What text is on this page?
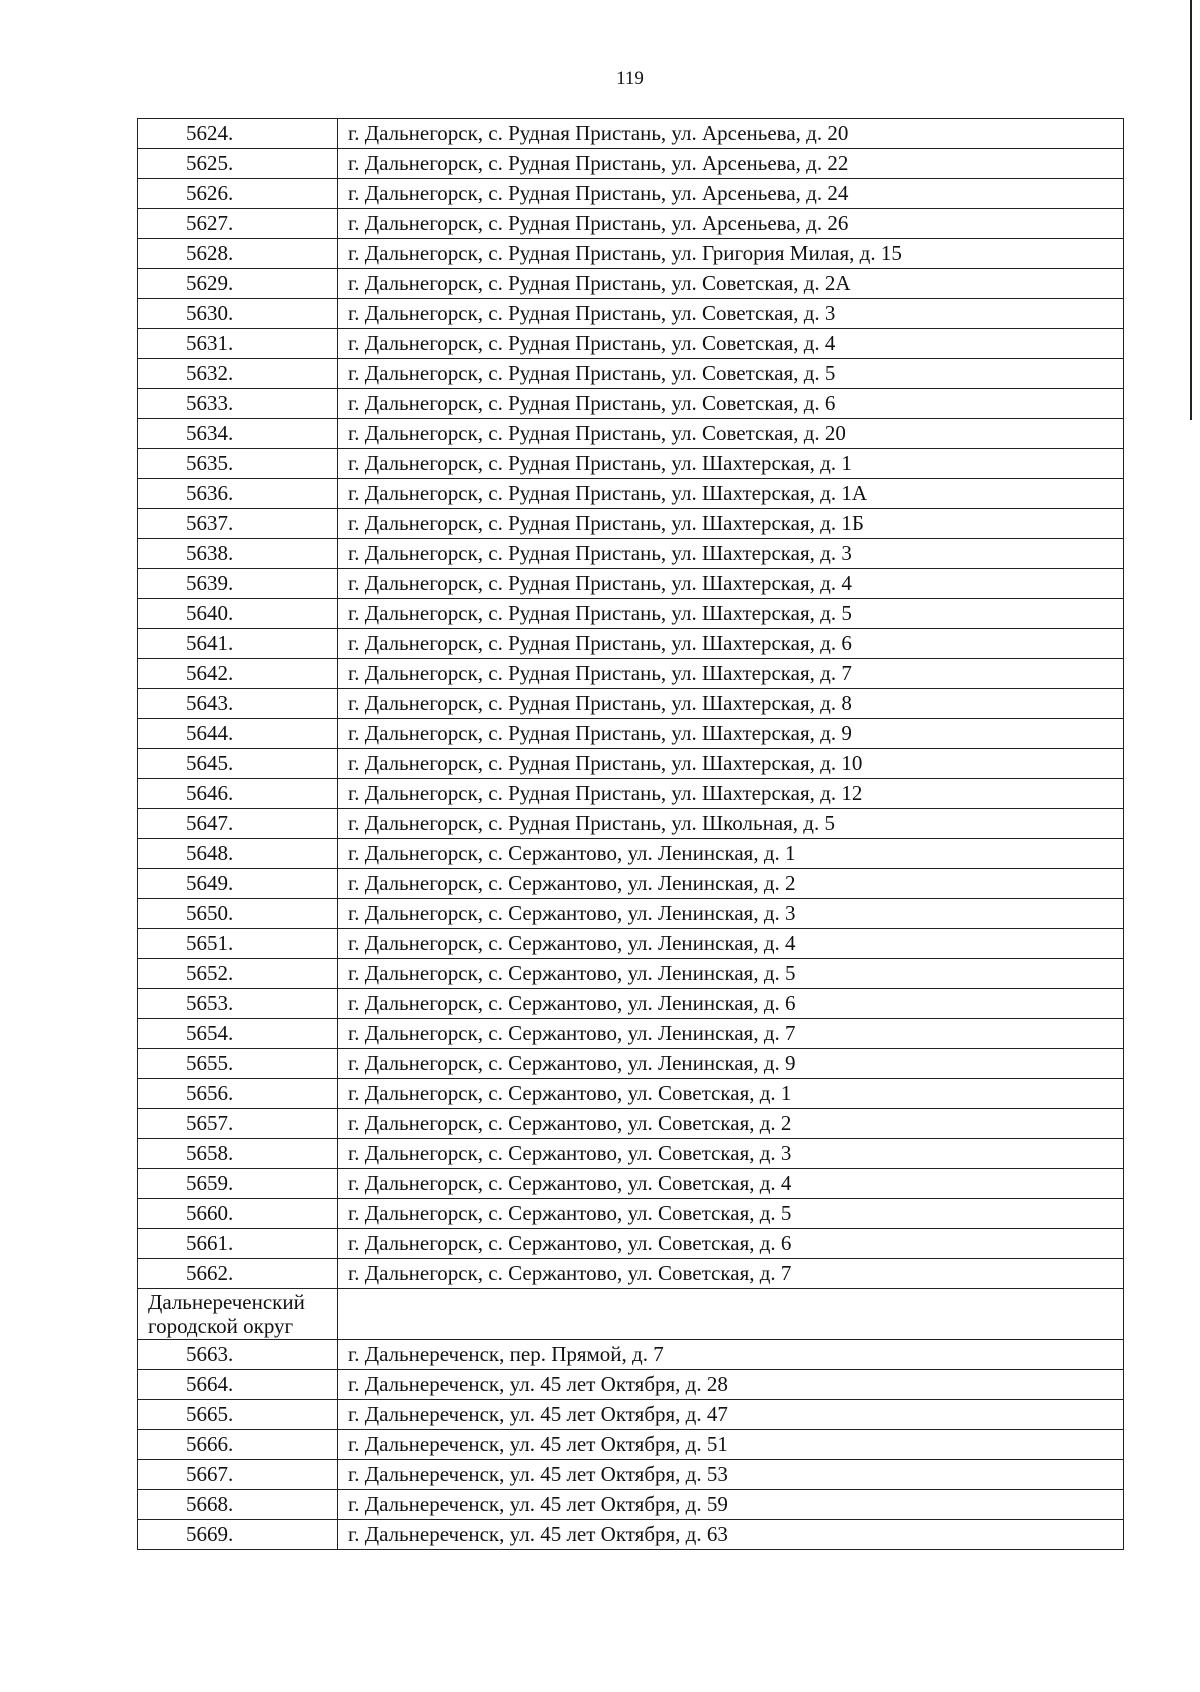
119
5624.	г. Дальнегорск, с. Рудная Пристань, ул. Арсеньева, д. 20
5625.	г. Дальнегорск, с. Рудная Пристань, ул. Арсеньева, д. 22
5626.	г. Дальнегорск, с. Рудная Пристань, ул. Арсеньева, д. 24
5627.	г. Дальнегорск, с. Рудная Пристань, ул. Арсеньева, д. 26
5628.	г. Дальнегорск, с. Рудная Пристань, ул. Григория Милая, д. 15
5629.	г. Дальнегорск, с. Рудная Пристань, ул. Советская, д. 2А
5630.	г. Дальнегорск, с. Рудная Пристань, ул. Советская, д. 3
5631.	г. Дальнегорск, с. Рудная Пристань, ул. Советская, д. 4
5632.	г. Дальнегорск, с. Рудная Пристань, ул. Советская, д. 5
5633.	г. Дальнегорск, с. Рудная Пристань, ул. Советская, д. 6
5634.	г. Дальнегорск, с. Рудная Пристань, ул. Советская, д. 20
5635.	г. Дальнегорск, с. Рудная Пристань, ул. Шахтерская, д. 1
5636.	г. Дальнегорск, с. Рудная Пристань, ул. Шахтерская, д. 1А
5637.	г. Дальнегорск, с. Рудная Пристань, ул. Шахтерская, д. 1Б
5638.	г. Дальнегорск, с. Рудная Пристань, ул. Шахтерская, д. 3
5639.	г. Дальнегорск, с. Рудная Пристань, ул. Шахтерская, д. 4
5640.	г. Дальнегорск, с. Рудная Пристань, ул. Шахтерская, д. 5
5641.	г. Дальнегорск, с. Рудная Пристань, ул. Шахтерская, д. 6
5642.	г. Дальнегорск, с. Рудная Пристань, ул. Шахтерская, д. 7
5643.	г. Дальнегорск, с. Рудная Пристань, ул. Шахтерская, д. 8
5644.	г. Дальнегорск, с. Рудная Пристань, ул. Шахтерская, д. 9
5645.	г. Дальнегорск, с. Рудная Пристань, ул. Шахтерская, д. 10
5646.	г. Дальнегорск, с. Рудная Пристань, ул. Шахтерская, д. 12
5647.	г. Дальнегорск, с. Рудная Пристань, ул. Школьная, д. 5
5648.	г. Дальнегорск, с. Сержантово, ул. Ленинская, д. 1
5649.	г. Дальнегорск, с. Сержантово, ул. Ленинская, д. 2
5650.	г. Дальнегорск, с. Сержантово, ул. Ленинская, д. 3
5651.	г. Дальнегорск, с. Сержантово, ул. Ленинская, д. 4
5652.	г. Дальнегорск, с. Сержантово, ул. Ленинская, д. 5
5653.	г. Дальнегорск, с. Сержантово, ул. Ленинская, д. 6
5654.	г. Дальнегорск, с. Сержантово, ул. Ленинская, д. 7
5655.	г. Дальнегорск, с. Сержантово, ул. Ленинская, д. 9
5656.	г. Дальнегорск, с. Сержантово, ул. Советская, д. 1
5657.	г. Дальнегорск, с. Сержантово, ул. Советская, д. 2
5658.	г. Дальнегорск, с. Сержантово, ул. Советская, д. 3
5659.	г. Дальнегорск, с. Сержантово, ул. Советская, д. 4
5660.	г. Дальнегорск, с. Сержантово, ул. Советская, д. 5
5661.	г. Дальнегорск, с. Сержантово, ул. Советская, д. 6
5662.	г. Дальнегорск, с. Сержантово, ул. Советская, д. 7
Дальнереченский городской округ	
5663.	г. Дальнереченск, пер. Прямой, д. 7
5664.	г. Дальнереченск, ул. 45 лет Октября, д. 28
5665.	г. Дальнереченск, ул. 45 лет Октября, д. 47
5666.	г. Дальнереченск, ул. 45 лет Октября, д. 51
5667.	г. Дальнереченск, ул. 45 лет Октября, д. 53
5668.	г. Дальнереченск, ул. 45 лет Октября, д. 59
5669.	г. Дальнереченск, ул. 45 лет Октября, д. 63
